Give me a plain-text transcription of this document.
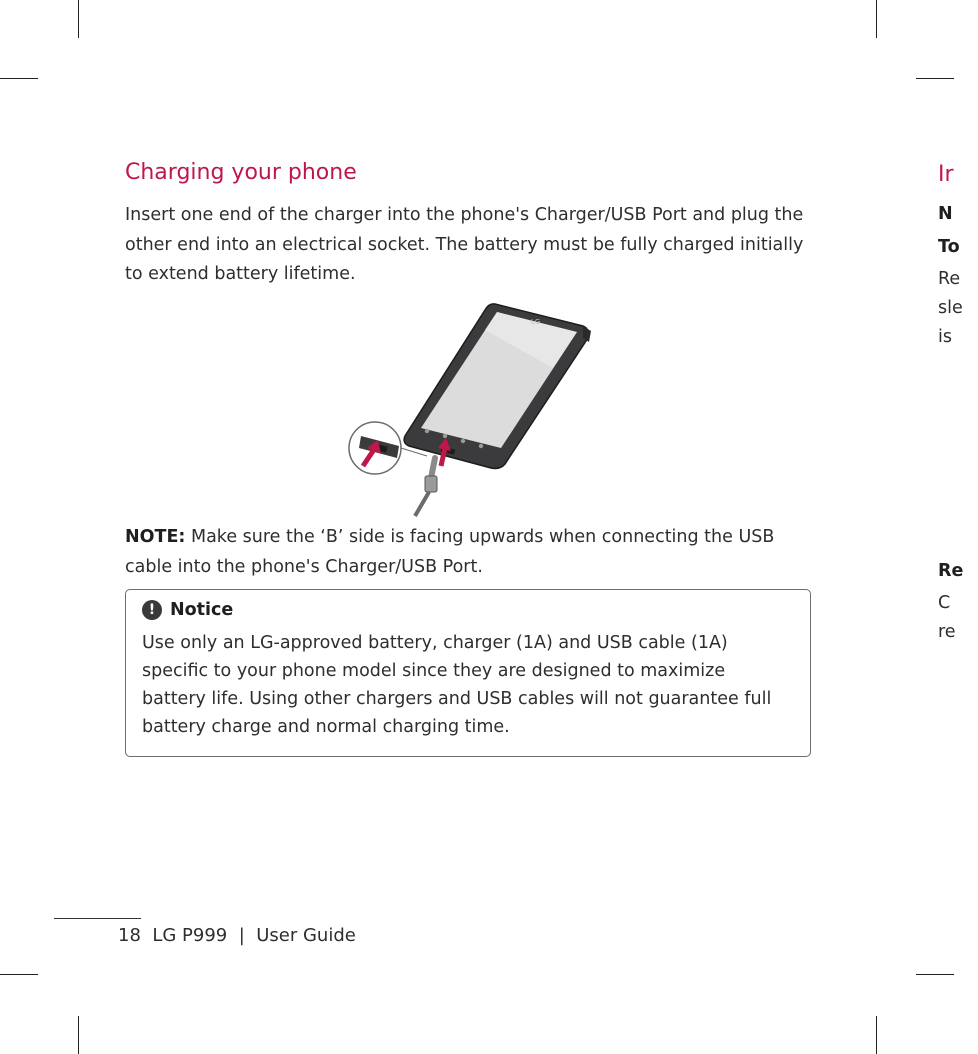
Charging your phone

Insert one end of the charger into the phone's Charger/USB Port and plug the other end into an electrical socket. The battery must be fully charged initially to extend battery lifetime.

LG

NOTE: Make sure the ‘B’ side is facing upwards when connecting the USB cable into the phone's Charger/USB Port.

! Notice

Use only an LG-approved battery, charger (1A) and USB cable (1A) specific to your phone model since they are designed to maximize battery life. Using other chargers and USB cables will not guarantee full battery charge and normal charging time.

18  LG P999  |  User Guide
Ir
N
To
Re
sle
is
Re
C
re
